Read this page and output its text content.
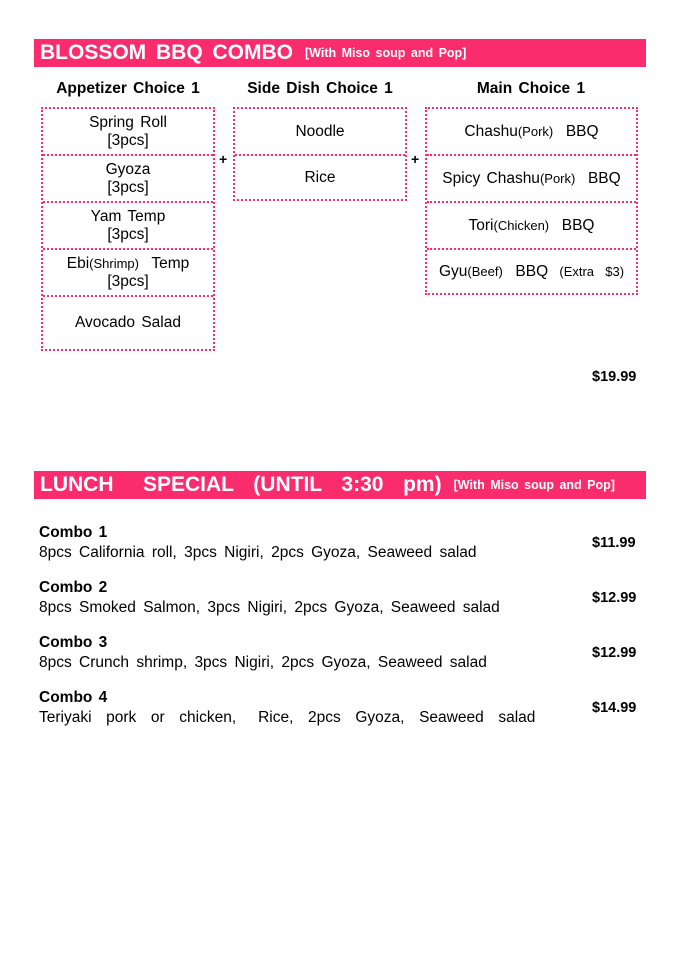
BLOSSOM BBQ COMBO [With Miso soup and Pop]
Appetizer Choice 1	Side Dish Choice 1	Main Choice 1
Spring Roll
[3pcs]
Gyoza
[3pcs]
Yam Temp
[3pcs]
Ebi(Shrimp)  Temp
[3pcs]
Avocado Salad
+
Noodle
Rice
+
Chashu(Pork)  BBQ
Spicy Chashu(Pork)  BBQ
Tori(Chicken)  BBQ
Gyu(Beef)  BBQ  (Extra  $3)
$19.99
LUNCH   SPECIAL  (UNTIL  3:30  pm) [With Miso soup and Pop]
Combo 1
8pcs California roll, 3pcs Nigiri, 2pcs Gyoza, Seaweed salad
$11.99
Combo 2
8pcs Smoked Salmon, 3pcs Nigiri, 2pcs Gyoza, Seaweed salad
$12.99
Combo 3
8pcs Crunch shrimp, 3pcs Nigiri, 2pcs Gyoza, Seaweed salad
$12.99
Combo 4
Teriyaki  pork  or  chicken,   Rice,  2pcs  Gyoza,  Seaweed  salad
$14.99
